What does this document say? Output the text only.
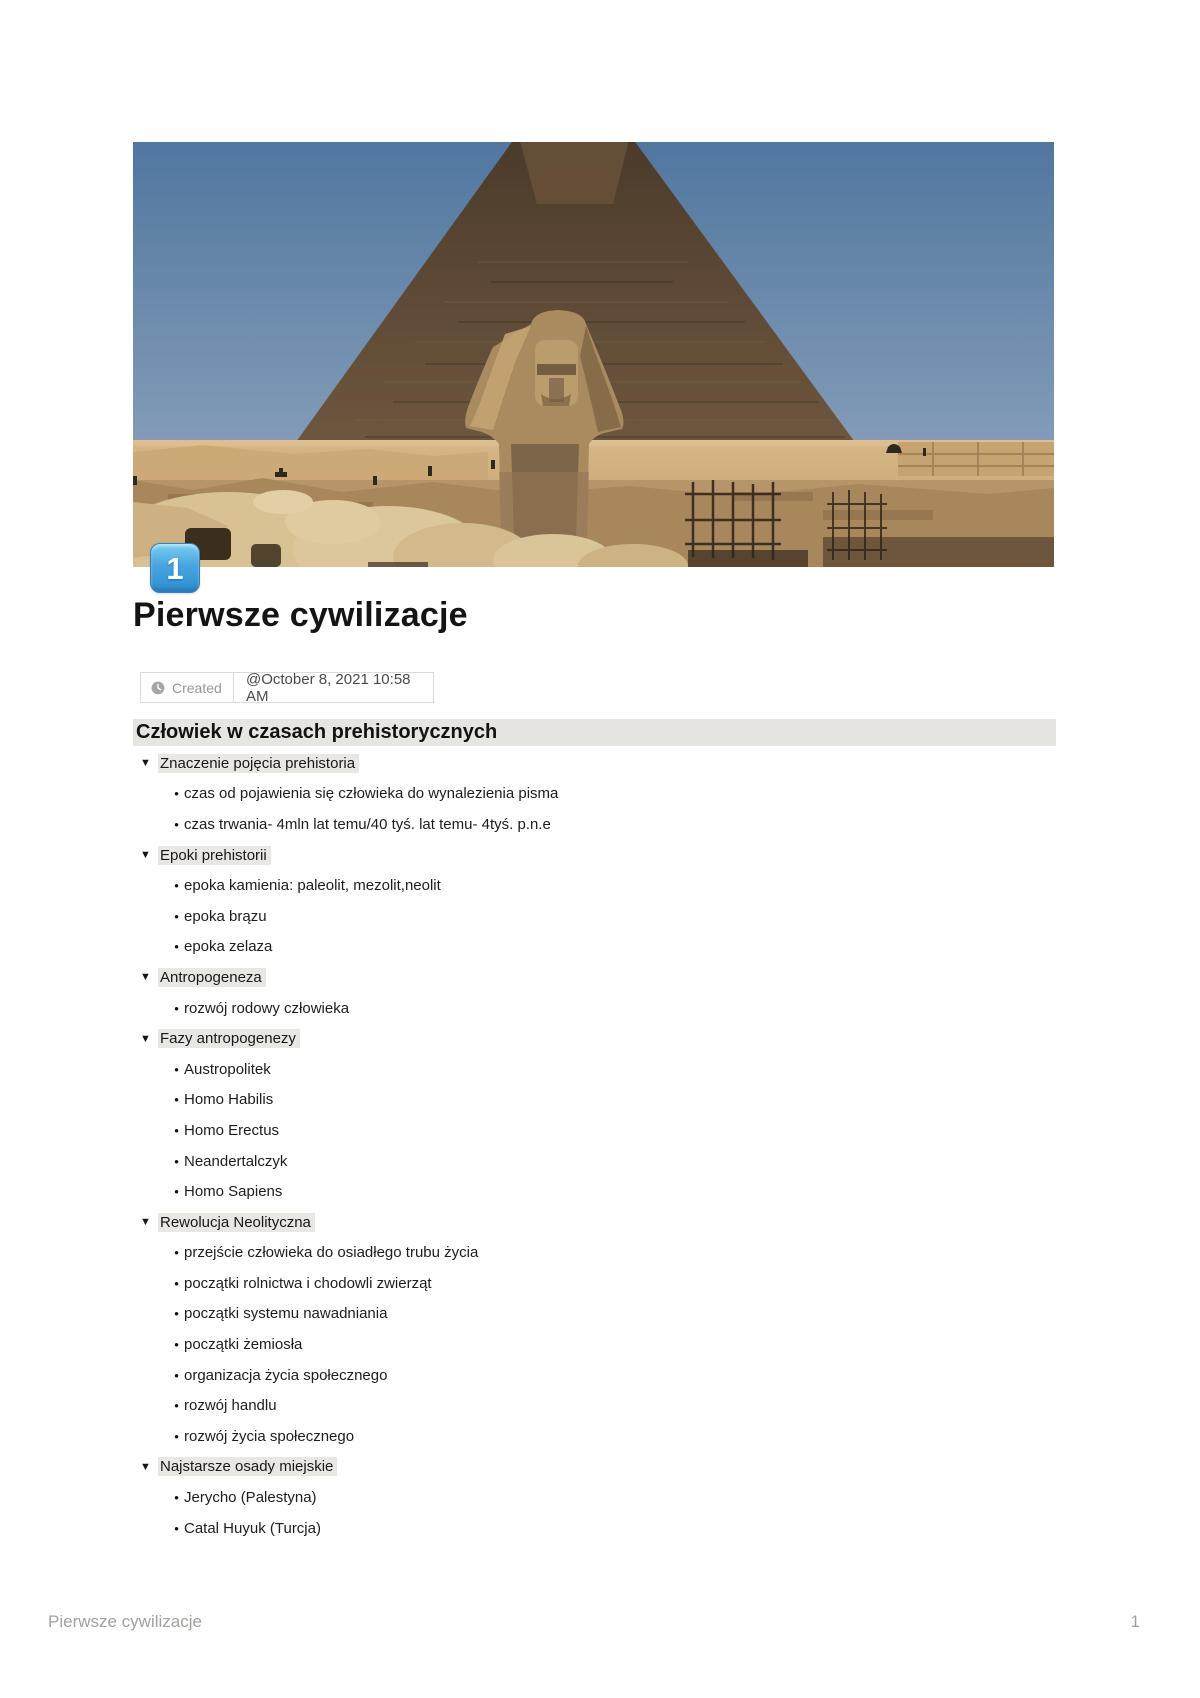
1
Pierwsze cywilizacje
Created @October 8, 2021 10:58 AM
Człowiek w czasach prehistorycznych
▼ Znaczenie pojęcia prehistoria
• czas od pojawienia się człowieka do wynalezienia pisma
• czas trwania- 4mln lat temu/40 tyś. lat temu- 4tyś. p.n.e
▼ Epoki prehistorii
• epoka kamienia: paleolit, mezolit,neolit
• epoka brązu
• epoka zelaza
▼ Antropogeneza
• rozwój rodowy człowieka
▼ Fazy antropogenezy
• Austropolitek
• Homo Habilis
• Homo Erectus
• Neandertalczyk
• Homo Sapiens
▼ Rewolucja Neolityczna
• przejście człowieka do osiadłego trubu życia
• początki rolnictwa i chodowli zwierząt
• początki systemu nawadniania
• początki żemiosła
• organizacja życia społecznego
• rozwój handlu
• rozwój życia społecznego
▼ Najstarsze osady miejskie
• Jerycho (Palestyna)
• Catal Huyuk (Turcja)
Pierwsze cywilizacje	1
